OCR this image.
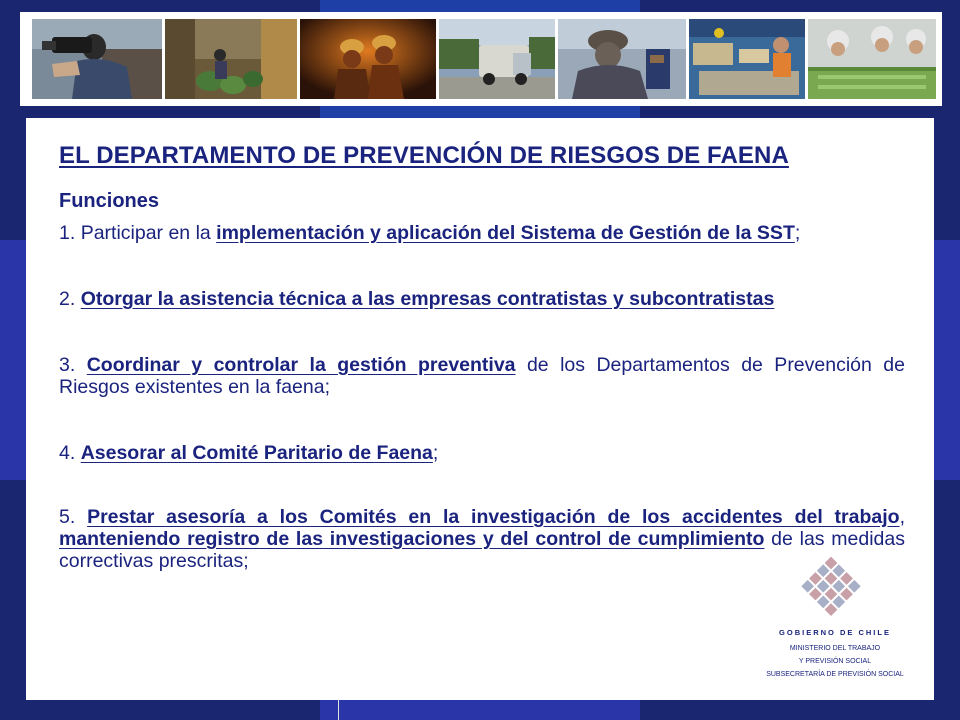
EL DEPARTAMENTO DE PREVENCIÓN DE RIESGOS DE FAENA
Funciones
1. Participar en la implementación y aplicación del Sistema de Gestión de la SST;
2. Otorgar la asistencia técnica a las empresas contratistas y subcontratistas
3. Coordinar y controlar la gestión preventiva de los Departamentos de Prevención de Riesgos existentes en la faena;
4. Asesorar al Comité Paritario de Faena;
5. Prestar asesoría a los Comités en la investigación de los accidentes del trabajo, manteniendo registro de las investigaciones y del control de cumplimiento de las medidas correctivas prescritas;
GOBIERNO DE CHILE
MINISTERIO DEL TRABAJO
Y PREVISIÓN SOCIAL
SUBSECRETARÍA DE PREVISIÓN SOCIAL
